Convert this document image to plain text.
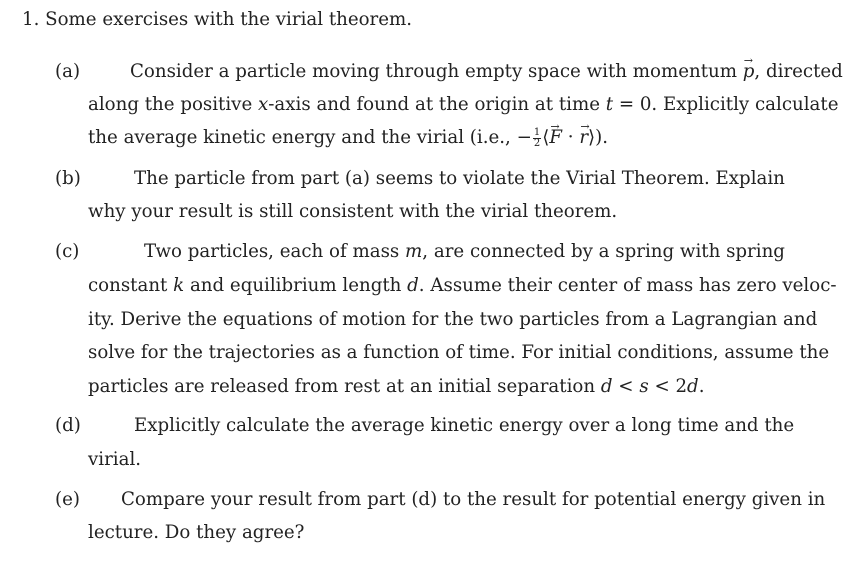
1. Some exercises with the virial theorem.
(a)	Consider a particle moving through empty space with momentum p →, directed
along the positive x-axis and found at the origin at time t = 0. Explicitly calculate
the average kinetic energy and the virial (i.e., − $\frac{1}{2}$ ⟨F → · r →⟩).
(b)	The particle from part (a) seems to violate the Virial Theorem. Explain
why your result is still consistent with the virial theorem.
(c)	Two particles, each of mass m, are connected by a spring with spring
constant k and equilibrium length d. Assume their center of mass has zero veloc-
ity. Derive the equations of motion for the two particles from a Lagrangian and
solve for the trajectories as a function of time. For initial conditions, assume the
particles are released from rest at an initial separation d < s < 2d.
(d)	Explicitly calculate the average kinetic energy over a long time and the
virial.
(e) Compare your result from part (d) to the result for potential energy given in
lecture. Do they agree?
